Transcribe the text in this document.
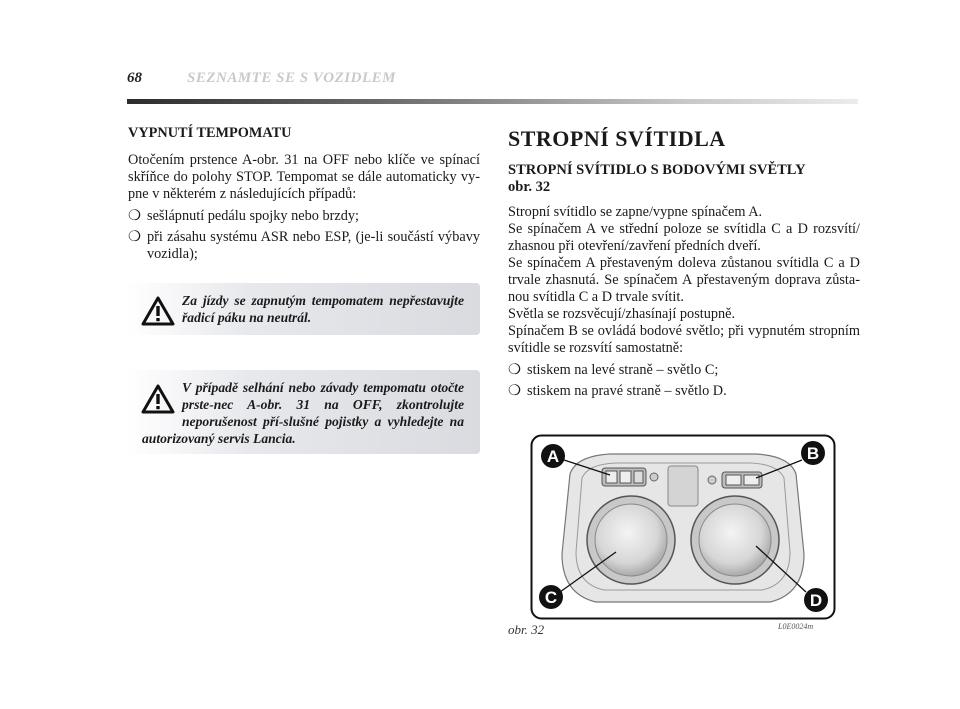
68	SEZNAMTE SE S VOZIDLEM
VYPNUTÍ TEMPOMATU

Otočením prstence A-obr. 31 na OFF nebo klíče ve spínací skříňce do polohy STOP. Tempomat se dále automaticky vy-pne v některém z následujících případů:

❍ sešlápnutí pedálu spojky nebo brzdy;
❍ při zásahu systému ASR nebo ESP, (je-li součástí výbavy vozidla);
Za jízdy se zapnutým tempomatem nepřestavujte řadicí páku na neutrál.
V případě selhání nebo závady tempomatu otočte prste-nec A-obr. 31 na OFF, zkontrolujte neporušenost pří-slušné pojistky a vyhledejte na autorizovaný servis Lancia.
STROPNÍ SVÍTIDLA
STROPNÍ SVÍTIDLO S BODOVÝMI SVĚTLY
obr. 32

Stropní svítidlo se zapne/vypne spínačem A.
Se spínačem A ve střední poloze se svítidla C a D rozsvítí/ zhasnou při otevření/zavření předních dveří.
Se spínačem A přestaveným doleva zůstanou svítidla C a D trvale zhasnutá. Se spínačem A přestaveným doprava zůsta-nou svítidla C a D trvale svítit.
Světla se rozsvěcují/zhasínají postupně.
Spínačem B se ovládá bodové světlo; při vypnutém stropním svítidle se rozsvítí samostatně:

❍ stiskem na levé straně – světlo C;
❍ stiskem na pravé straně – světlo D.
A	B
C	D
obr. 32	L0E0024m
